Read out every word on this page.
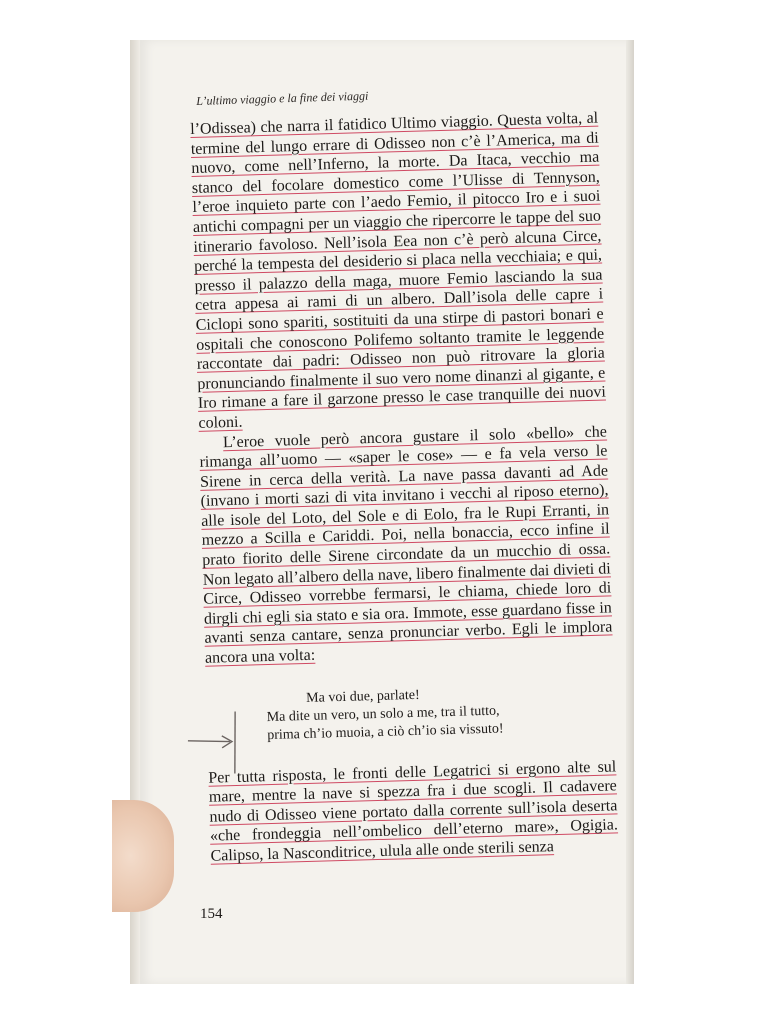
L’ultimo viaggio e la fine dei viaggi

l’Odissea) che narra il fatidico Ultimo viaggio. Questa volta, al termine del lungo errare di Odisseo non c’è l’America, ma di nuovo, come nell’Inferno, la morte. Da Itaca, vecchio ma stanco del focolare domestico come l’Ulisse di Tennyson, l’eroe inquieto parte con l’aedo Femio, il pitocco Iro e i suoi antichi compagni per un viaggio che ripercorre le tappe del suo itinerario favoloso. Nell’isola Eea non c’è però alcuna Circe, perché la tempesta del desiderio si placa nella vecchiaia; e qui, presso il palazzo della maga, muore Femio lasciando la sua cetra appesa ai rami di un albero. Dall’isola delle capre i Ciclopi sono spariti, sostituiti da una stirpe di pastori bonari e ospitali che conoscono Polifemo soltanto tramite le leggende raccontate dai padri: Odisseo non può ritrovare la gloria pronunciando finalmente il suo vero nome dinanzi al gigante, e Iro rimane a fare il garzone presso le case tranquille dei nuovi coloni.

L’eroe vuole però ancora gustare il solo «bello» che rimanga all’uomo — «saper le cose» — e fa vela verso le Sirene in cerca della verità. La nave passa davanti ad Ade (invano i morti sazi di vita invitano i vecchi al riposo eterno), alle isole del Loto, del Sole e di Eolo, fra le Rupi Erranti, in mezzo a Scilla e Cariddi. Poi, nella bonaccia, ecco infine il prato fiorito delle Sirene circondate da un mucchio di ossa. Non legato all’albero della nave, libero finalmente dai divieti di Circe, Odisseo vorrebbe fermarsi, le chiama, chiede loro di dirgli chi egli sia stato e sia ora. Immote, esse guardano fisse in avanti senza cantare, senza pronunciar verbo. Egli le implora ancora una volta:

Ma voi due, parlate!
Ma dite un vero, un solo a me, tra il tutto,
prima ch’io muoia, a ciò ch’io sia vissuto!

Per tutta risposta, le fronti delle Legatrici si ergono alte sul mare, mentre la nave si spezza fra i due scogli. Il cadavere nudo di Odisseo viene portato dalla corrente sull’isola deserta «che frondeggia nell’ombelico dell’eterno mare», Ogigia. Calipso, la Nasconditrice, ulula alle onde sterili senza

154
